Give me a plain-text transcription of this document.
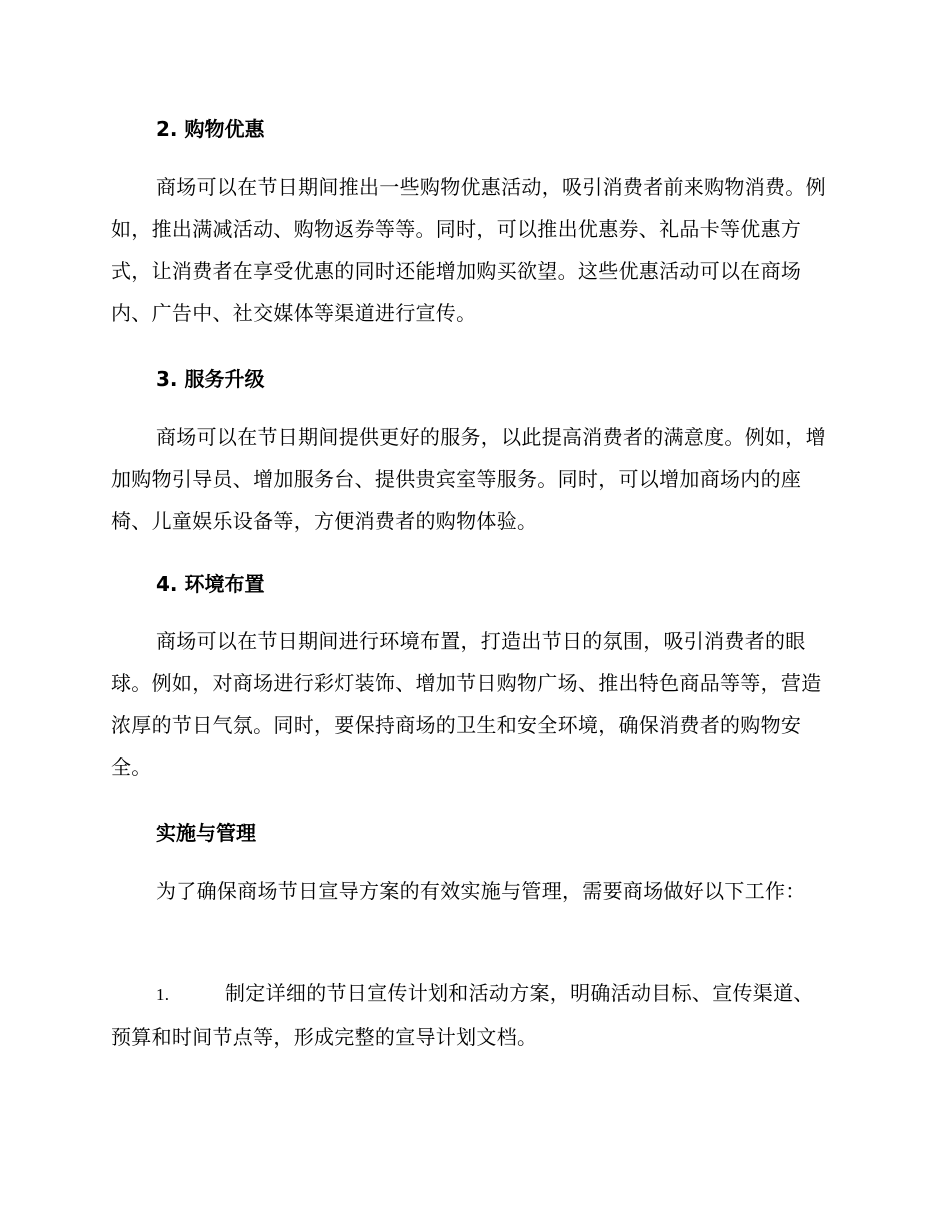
2. 购物优惠

商场可以在节日期间推出一些购物优惠活动，吸引消费者前来购物消费。例如，推出满减活动、购物返券等等。同时，可以推出优惠券、礼品卡等优惠方式，让消费者在享受优惠的同时还能增加购买欲望。这些优惠活动可以在商场内、广告中、社交媒体等渠道进行宣传。

3. 服务升级

商场可以在节日期间提供更好的服务，以此提高消费者的满意度。例如，增加购物引导员、增加服务台、提供贵宾室等服务。同时，可以增加商场内的座椅、儿童娱乐设备等，方便消费者的购物体验。

4. 环境布置

商场可以在节日期间进行环境布置，打造出节日的氛围，吸引消费者的眼球。例如，对商场进行彩灯装饰、增加节日购物广场、推出特色商品等等，营造浓厚的节日气氛。同时，要保持商场的卫生和安全环境，确保消费者的购物安全。

实施与管理

为了确保商场节日宣导方案的有效实施与管理，需要商场做好以下工作：

1.	制定详细的节日宣传计划和活动方案，明确活动目标、宣传渠道、预算和时间节点等，形成完整的宣导计划文档。
